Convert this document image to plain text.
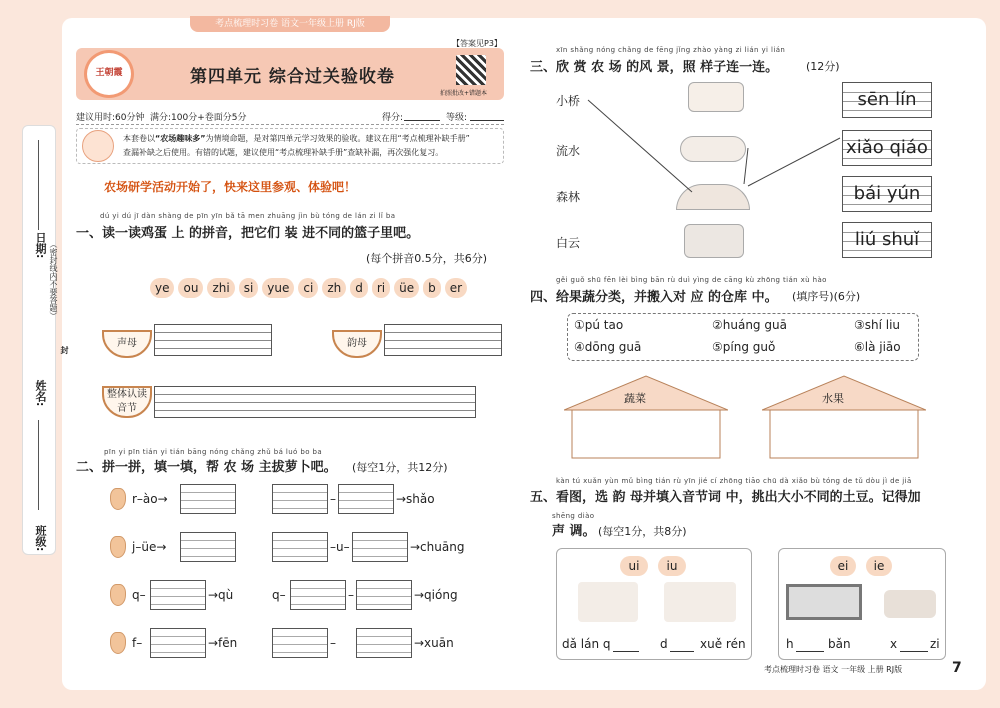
考点梳理时习卷 语文一年级上册 RJ版
日期: （密封线内不要答题）
封
姓名:
班级:
【答案见P3】
王朝霞	第四单元 综合过关验收卷
拍照批改+错题本
建议用时:60分钟 满分:100分+卷面分5分	得分:	等级:
本套卷以“农场趣味多”为情境命题，是对第四单元学习效果的验收。建议在用“考点梳理补缺手册”
查漏补缺之后使用。有错的试题，建议使用“考点梳理补缺手册”查缺补漏，再次强化复习。
农场研学活动开始了，快来这里参观、体验吧！
dú yi dú jī dàn shàng de pīn yīn bǎ tā men zhuāng jìn bù tóng de lán zi lǐ ba
一、读一读鸡蛋 上 的拼音，把它们 装 进不同的篮子里吧。
(每个拼音0.5分，共6分)
ye	ou	zhi	si	yue	ci	zh	d	ri	üe	b	er
声母	韵母
整体认读音节
pīn yi pīn tián yi tián bāng nóng chǎng zhǔ bá luó bo ba
二、拼一拼，填一填，帮 农 场 主拔萝卜吧。 (每空1分，共12分)
r–ào→	–	→shǎo
j–üe→	–u–	→chuāng
q–	→qù	q–	–	→qióng
f–	→fēn	–	→xuān
xīn shǎng nóng chǎng de fēng jǐng zhào yàng zi lián yi lián
三、欣 赏 农 场 的风 景，照 样子连一连。	(12分)
小桥
流水
森林
白云
sēn lín
xiǎo qiáo
bái yún
liú shuǐ
gěi guǒ shū fēn lèi bìng bān rù duì yìng de cāng kù zhōng tián xù hào
四、给果蔬分类，并搬入对 应 的仓库 中。 (填序号)(6分)
①pú tao	②huáng guā	③shí liu
④dōng guā	⑤píng guǒ	⑥là jiāo
蔬菜	水果
kàn tú xuǎn yùn mǔ bìng tián rù yīn jié cí zhōng tiāo chū dà xiǎo bù tóng de tǔ dòu jì de jiā
五、看图，选 韵 母并填入音节词 中，挑出大小不同的土豆。记得加
shēng diào
声 调。 (每空1分，共8分)
ui	iu
dǎ lán q	d	xuě rén
ei	ie
h	bǎn	x	zi
考点梳理时习卷 语文 一年级 上册 RJ版	7
